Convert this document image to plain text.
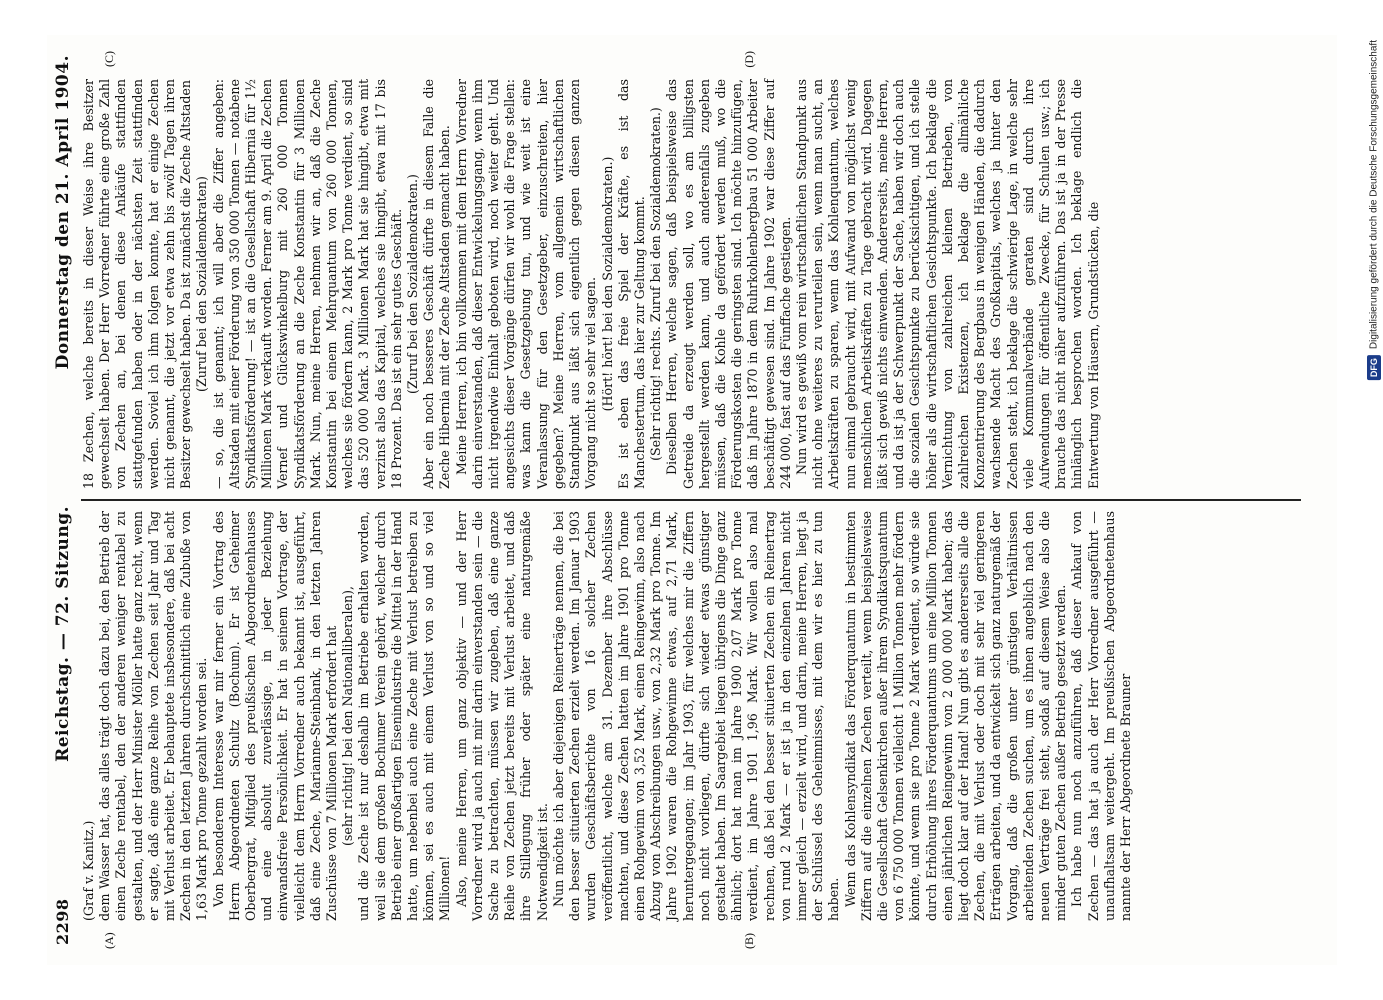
2298
Reichstag. — 72. Sitzung.
Donnerstag den 21. April 1904.
(A)	(B)

(Graf v. Kanitz.) dem Wasser hat, das alles trägt doch dazu bei, den Betrieb der einen Zeche rentabel, den der anderen weniger rentabel zu gestalten, und der Herr Minister Möller hatte ganz recht, wenn er sagte, daß eine ganze Reihe von Zechen seit Jahr und Tag mit Verlust arbeitet. Er behauptete insbesondere, daß bei acht Zechen in den letzten Jahren durchschnittlich eine Zubuße von 1,63 Mark pro Tonne gezahlt worden sei. Von besonderem Interesse war mir ferner ein Vortrag des Herrn Abgeordneten Schultz (Bochum). Er ist Geheimer Oberbergrat, Mitglied des preußischen Abgeordnetenhauses und eine absolut zuverlässige, in jeder Beziehung einwandsfreie Persönlichkeit. Er hat in seinem Vortrage, der vielleicht dem Herrn Vorredner auch bekannt ist, ausgeführt, daß eine Zeche, Marianne-Steinbank, in den letzten Jahren Zuschüsse von 7 Millionen Mark erfordert hat (sehr richtig! bei den Nationalliberalen), und die Zeche ist nur deshalb im Betriebe erhalten worden, weil sie dem großen Bochumer Verein gehört, welcher durch Betrieb einer großartigen Eisenindustrie die Mittel in der Hand hatte, um nebenbei auch eine Zeche mit Verlust betreiben zu können, sei es auch mit einem Verlust von so und so viel Millionen! Also, meine Herren, um ganz objektiv — und der Herr Vorredner wird ja auch mit mir darin einverstanden sein — die Sache zu betrachten, müssen wir zugeben, daß eine ganze Reihe von Zechen jetzt bereits mit Verlust arbeitet, und daß ihre Stillegung früher oder später eine naturgemäße Notwendigkeit ist. Nun möchte ich aber diejenigen Reinerträge nennen, die bei den besser situierten Zechen erzielt werden. Im Januar 1903 wurden Geschäftsberichte von 16 solcher Zechen veröffentlicht, welche am 31. Dezember ihre Abschlüsse machten, und diese Zechen hatten im Jahre 1901 pro Tonne einen Rohgewinn von 3,52 Mark, einen Reingewinn, also nach Abzug von Abschreibungen usw., von 2,32 Mark pro Tonne. Im Jahre 1902 waren die Rohgewinne etwas, auf 2,71 Mark, heruntergegangen; im Jahr 1903, für welches mir die Ziffern noch nicht vorliegen, dürfte sich wieder etwas günstiger gestaltet haben. Im Saargebiet liegen übrigens die Dinge ganz ähnlich; dort hat man im Jahre 1900 2,07 Mark pro Tonne verdient, im Jahre 1901 1,96 Mark. Wir wollen also mal rechnen, daß bei den besser situierten Zechen ein Reinertrag von rund 2 Mark — er ist ja in den einzelnen Jahren nicht immer gleich — erzielt wird, und darin, meine Herren, liegt ja der Schlüssel des Geheimnisses, mit dem wir es hier zu tun haben. Wenn das Kohlensyndikat das Förderquantum in bestimmten Ziffern auf die einzelnen Zechen verteilt, wenn beispielsweise die Gesellschaft Gelsenkirchen außer ihrem Syndikatsquantum von 6 750 000 Tonnen vielleicht 1 Million Tonnen mehr fördern könnte, und wenn sie pro Tonne 2 Mark verdient, so würde sie durch Erhöhung ihres Förderquantums um eine Million Tonnen einen jährlichen Reingewinn von 2 000 000 Mark haben; das liegt doch klar auf der Hand! Nun gibt es andererseits alle die Zechen, die mit Verlust oder doch mit sehr viel geringeren Erträgen arbeiten, und da entwickelt sich ganz naturgemäß der Vorgang, daß die großen unter günstigen Verhältnissen arbeitenden Zechen suchen, um es ihnen angeblich nach den neuen Verträge frei steht, sodaß auf diesem Weise also die minder guten Zechen außer Betrieb gesetzt werden. Ich habe nun noch anzuführen, daß dieser Ankauf von Zechen — das hat ja auch der Herr Vorredner ausgeführt — unaufhaltsam weitergeht. Im preußischen Abgeordnetenhaus nannte der Herr Abgeordnete Brauner

(C)	(D)

18 Zechen, welche bereits in dieser Weise ihre Besitzer gewechselt haben. Der Herr Vorredner führte eine große Zahl von Zechen an, bei denen diese Ankäufe stattfinden stattgefunden haben oder in der nächsten Zeit stattfinden werden. Soviel ich ihm folgen konnte, hat er einige Zechen nicht genannt, die jetzt vor etwa zehn bis zwölf Tagen ihren Besitzer gewechselt haben. Da ist zunächst die Zeche Altstaden (Zuruf bei den Sozialdemokraten) — so, die ist genannt; ich will aber die Ziffer angeben: Altstaden mit einer Förderung von 350 000 Tonnen — notabene Syndikatsförderung! — ist an die Gesellschaft Hibernia für 1½ Millionen Mark verkauft worden. Ferner am 9. April die Zechen Vernef und Glückswinkelburg mit 260 000 Tonnen Syndikatsförderung an die Zeche Konstantin für 3 Millionen Mark. Nun, meine Herren, nehmen wir an, daß die Zeche Konstantin bei einem Mehrquantum von 260 000 Tonnen, welches sie fördern kann, 2 Mark pro Tonne verdient, so sind das 520 000 Mark. 3 Millionen Mark hat sie hingibt, etwa mit verzinst also das Kapital, welches sie hingibt, etwa mit 17 bis 18 Prozent. Das ist ein sehr gutes Geschäft. (Zuruf bei den Sozialdemokraten.) Aber ein noch besseres Geschäft dürfte in diesem Falle die Zeche Hibernia mit der Zeche Altstaden gemacht haben. Meine Herren, ich bin vollkommen mit dem Herrn Vorredner darin einverstanden, daß dieser Entwickelungsgang, wenn ihm nicht irgendwie Einhalt geboten wird, noch weiter geht. Und angesichts dieser Vorgänge dürfen wir wohl die Frage stellen: was kann die Gesetzgebung tun, und wie weit ist eine Veranlassung für den Gesetzgeber, einzuschreiten, hier gegeben? Meine Herren, vom allgemein wirtschaftlichen Standpunkt aus läßt sich eigentlich gegen diesen ganzen Vorgang nicht so sehr viel sagen. (Hört! hört! bei den Sozialdemokraten.) Es ist eben das freie Spiel der Kräfte, es ist das Manchestertum, das hier zur Geltung kommt. (Sehr richtig! rechts. Zuruf bei den Sozialdemokraten.) Dieselben Herren, welche sagen, daß beispielsweise das Getreide da erzeugt werden soll, wo es am billigsten hergestellt werden kann, und auch anderenfalls zugeben müssen, daß die Kohle da gefördert werden muß, wo die Förderungskosten die geringsten sind. Ich möchte hinzufügen, daß im Jahre 1870 in dem Ruhrkohlenbergbau 51 000 Arbeiter beschäftigt gewesen sind. Im Jahre 1902 war diese Ziffer auf 244 000, fast auf das Fünffache gestiegen. Nun wird es gewiß vom rein wirtschaftlichen Standpunkt aus nicht ohne weiteres zu verurteilen sein, wenn man sucht, an Arbeitskräften zu sparen, wenn das Kohlenquantum, welches nun einmal gebraucht wird, mit Aufwand von möglichst wenig menschlichen Arbeitskräften zu Tage gebracht wird. Dagegen läßt sich gewiß nichts einwenden. Andererseits, meine Herren, und da ist ja der Schwerpunkt der Sache, haben wir doch auch die sozialen Gesichtspunkte zu berücksichtigen, und ich stelle höher als die wirtschaftlichen Gesichtspunkte. Ich beklage die Vernichtung von zahlreichen kleinen Betrieben, von zahlreichen Existenzen, ich beklage die allmähliche Konzentrierung des Bergbaus in wenigen Händen, die dadurch wachsende Macht des Großkapitals, welches ja hinter den Zechen steht, ich beklage die schwierige Lage, in welche sehr viele Kommunalverbände geraten sind durch ihre Aufwendungen für öffentliche Zwecke, für Schulen usw.; ich brauche das nicht näher aufzuführen. Das ist ja in der Presse hinlänglich besprochen worden. Ich beklage endlich die Entwertung von Häusern, Grundstücken, die	DFG
Digitalisierung gefördert durch die Deutsche Forschungsgemeinschaft
